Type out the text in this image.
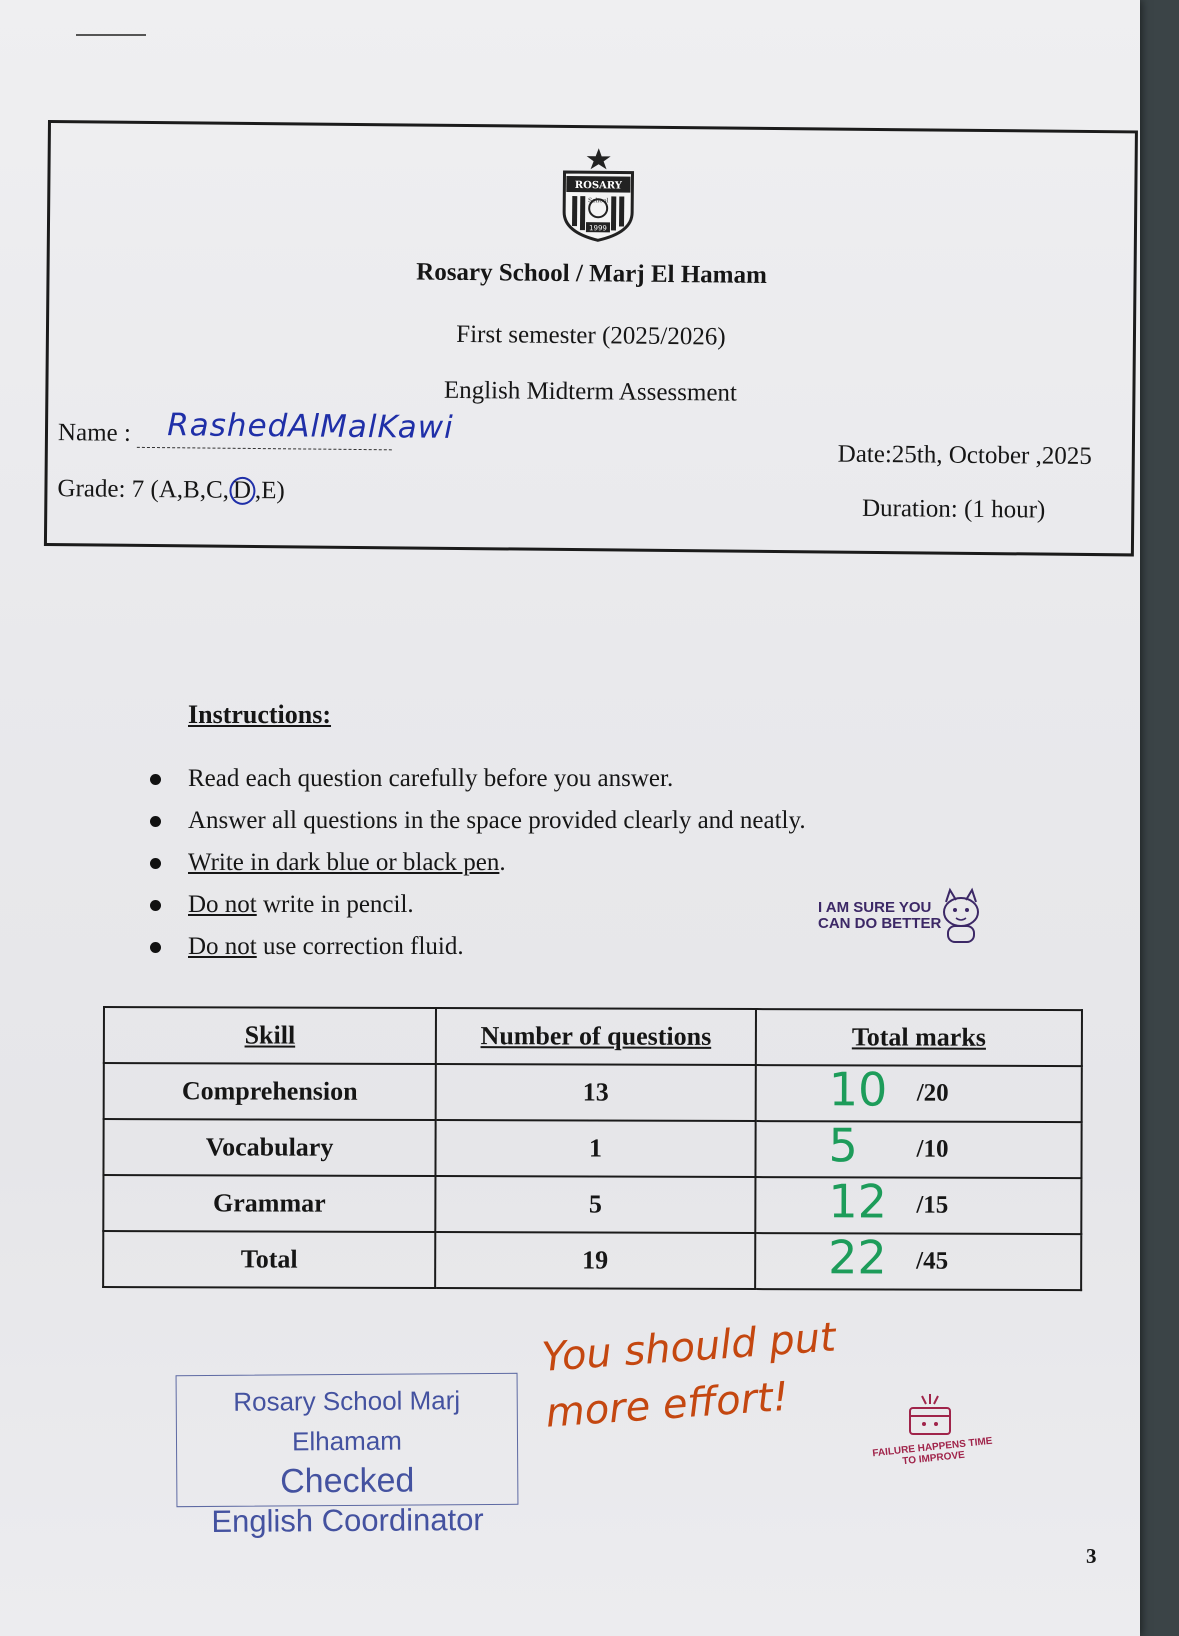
ROSARY
School
1999
Rosary School / Marj El Hamam
First semester (2025/2026)
English Midterm Assessment
Name : RashedAlMalKawi
Date:25th, October ,2025
Grade: 7 (A,B,C, D ,E)
Duration: (1 hour)
Instructions:
Read each question carefully before you answer.
Answer all questions in the space provided clearly and neatly.
Write in dark blue or black pen.
Do not write in pencil.
Do not use correction fluid.
I AM SURE YOU
CAN DO BETTER
Skill	Number of questions	Total marks
Comprehension	13	10 /20

Vocabulary	1	5 /10

Grammar	5	12 /15

Total	19	22 /45
Rosary School Marj Elhamam
Checked
English Coordinator
You should put
more effort!
FAILURE HAPPENS TIME
TO IMPROVE
3
